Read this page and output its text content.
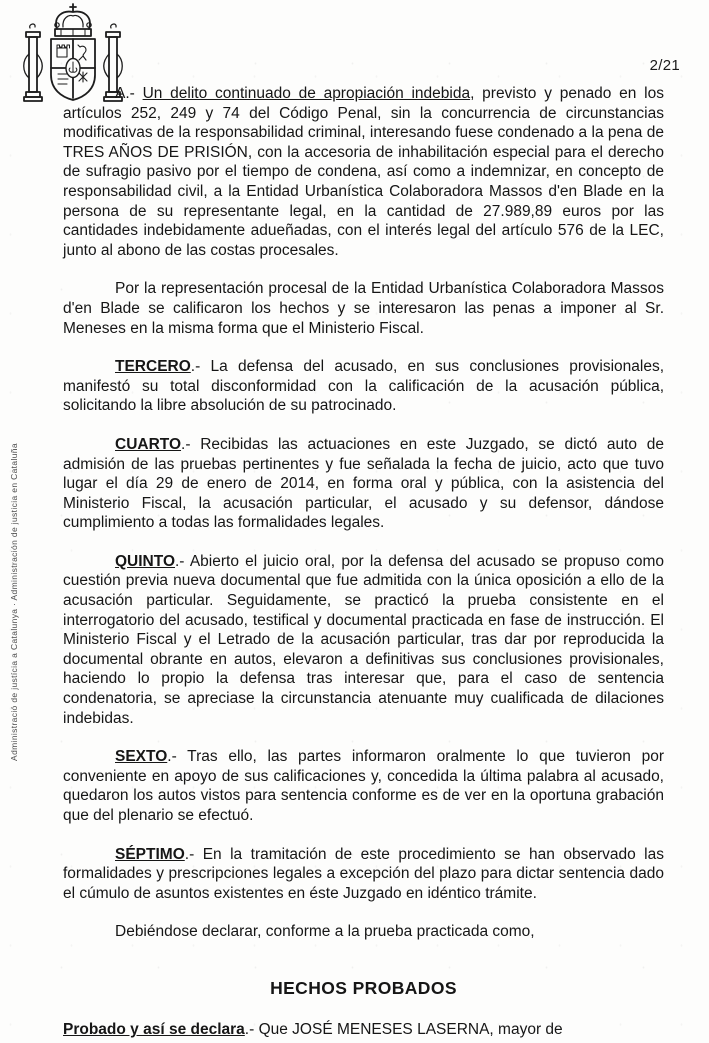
2/21
Administració de justícia a Catalunya · Administración de justicia en Cataluña

A.- Un delito continuado de apropiación indebida, previsto y penado en los artículos 252, 249 y 74 del Código Penal, sin la concurrencia de circunstancias modificativas de la responsabilidad criminal, interesando fuese condenado a la pena de TRES AÑOS DE PRISIÓN, con la accesoria de inhabilitación especial para el derecho de sufragio pasivo por el tiempo de condena, así como a indemnizar, en concepto de responsabilidad civil, a la Entidad Urbanística Colaboradora Massos d'en Blade en la persona de su representante legal, en la cantidad de 27.989,89 euros por las cantidades indebidamente adueñadas, con el interés legal del artículo 576 de la LEC, junto al abono de las costas procesales.

Por la representación procesal de la Entidad Urbanística Colaboradora Massos d'en Blade se calificaron los hechos y se interesaron las penas a imponer al Sr. Meneses en la misma forma que el Ministerio Fiscal.

TERCERO.- La defensa del acusado, en sus conclusiones provisionales, manifestó su total disconformidad con la calificación de la acusación pública, solicitando la libre absolución de su patrocinado.

CUARTO.- Recibidas las actuaciones en este Juzgado, se dictó auto de admisión de las pruebas pertinentes y fue señalada la fecha de juicio, acto que tuvo lugar el día 29 de enero de 2014, en forma oral y pública, con la asistencia del Ministerio Fiscal, la acusación particular, el acusado y su defensor, dándose cumplimiento a todas las formalidades legales.

QUINTO.- Abierto el juicio oral, por la defensa del acusado se propuso como cuestión previa nueva documental que fue admitida con la única oposición a ello de la acusación particular. Seguidamente, se practicó la prueba consistente en el interrogatorio del acusado, testifical y documental practicada en fase de instrucción. El Ministerio Fiscal y el Letrado de la acusación particular, tras dar por reproducida la documental obrante en autos, elevaron a definitivas sus conclusiones provisionales, haciendo lo propio la defensa tras interesar que, para el caso de sentencia condenatoria, se apreciase la circunstancia atenuante muy cualificada de dilaciones indebidas.

SEXTO.- Tras ello, las partes informaron oralmente lo que tuvieron por conveniente en apoyo de sus calificaciones y, concedida la última palabra al acusado, quedaron los autos vistos para sentencia conforme es de ver en la oportuna grabación que del plenario se efectuó.

SÉPTIMO.- En la tramitación de este procedimiento se han observado las formalidades y prescripciones legales a excepción del plazo para dictar sentencia dado el cúmulo de asuntos existentes en éste Juzgado en idéntico trámite.

Debiéndose declarar, conforme a la prueba practicada como,

HECHOS PROBADOS

Probado y así se declara.- Que JOSÉ MENESES LASERNA, mayor de
